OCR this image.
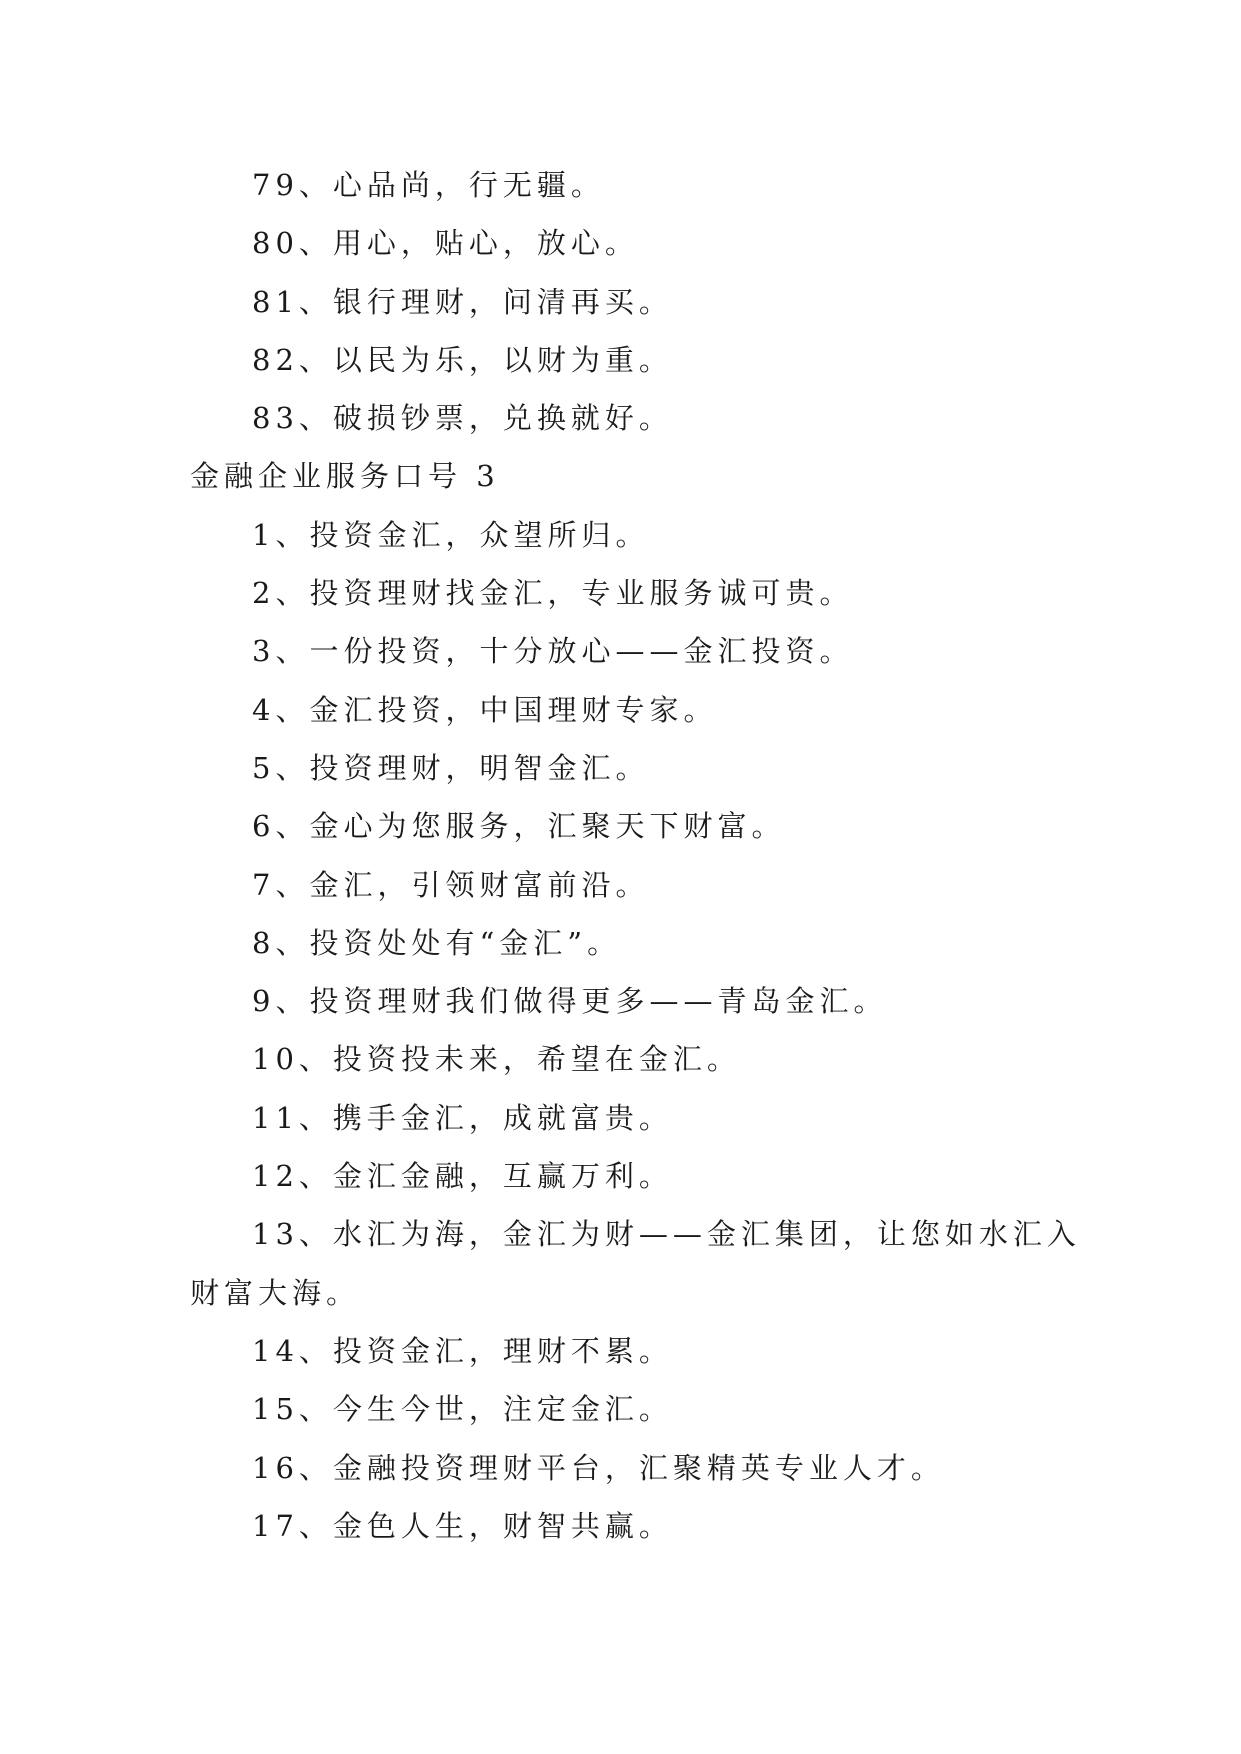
79、心品尚，行无疆。
80、用心，贴心，放心。
81、银行理财，问清再买。
82、以民为乐，以财为重。
83、破损钞票，兑换就好。
金融企业服务口号 3
1、投资金汇，众望所归。
2、投资理财找金汇，专业服务诚可贵。
3、一份投资，十分放心——金汇投资。
4、金汇投资，中国理财专家。
5、投资理财，明智金汇。
6、金心为您服务，汇聚天下财富。
7、金汇，引领财富前沿。
8、投资处处有“金汇”。
9、投资理财我们做得更多——青岛金汇。
10、投资投未来，希望在金汇。
11、携手金汇，成就富贵。
12、金汇金融，互赢万利。
13、水汇为海，金汇为财——金汇集团，让您如水汇入
财富大海。
14、投资金汇，理财不累。
15、今生今世，注定金汇。
16、金融投资理财平台，汇聚精英专业人才。
17、金色人生，财智共赢。
